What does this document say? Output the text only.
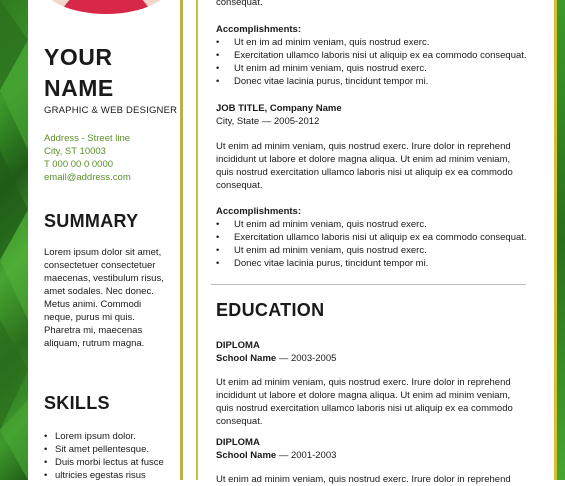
YOUR
NAME
GRAPHIC & WEB DESIGNER
Address - Street line
City, ST 10003
T 000 00 0 0000
email@address.com
SUMMARY
Lorem ipsum dolor sit amet,
consectetuer consectetuer
maecenas, vestibulum risus,
amet sodales. Nec donec.
Metus animi. Commodi
neque, purus mi quis.
Pharetra mi, maecenas
aliquam, rutrum magna.
SKILLS
• Lorem ipsum dolor.
• Sit amet pellentesque.
• Duis morbi lectus at fusce
• ultricies egestas risus
consequat.
Accomplishments:
• Ut en im ad minim veniam, quis nostrud exerc.
• Exercitation ullamco laboris nisi ut aliquip ex ea commodo consequat.
• Ut enim ad minim veniam, quis nostrud exerc.
• Donec vitae lacinia purus, tincidunt tempor mi.
JOB TITLE, Company Name
City, State — 2005-2012
Ut enim ad minim veniam, quis nostrud exerc. Irure dolor in reprehend
incididunt ut labore et dolore magna aliqua. Ut enim ad minim veniam,
quis nostrud exercitation ullamco laboris nisi ut aliquip ex ea commodo
consequat.
Accomplishments:
• Ut enim ad minim veniam, quis nostrud exerc.
• Exercitation ullamco laboris nisi ut aliquip ex ea commodo consequat.
• Ut enim ad minim veniam, quis nostrud exerc.
• Donec vitae lacinia purus, tincidunt tempor mi.
DIPLOMA
School Name — 2003-2005
Ut enim ad minim veniam, quis nostrud exerc. Irure dolor in reprehend
incididunt ut labore et dolore magna aliqua. Ut enim ad minim veniam,
quis nostrud exercitation ullamco laboris nisi ut aliquip ex ea commodo
consequat.
DIPLOMA
School Name — 2001-2003
Ut enim ad minim veniam, quis nostrud exerc. Irure dolor in reprehend
EDUCATION
